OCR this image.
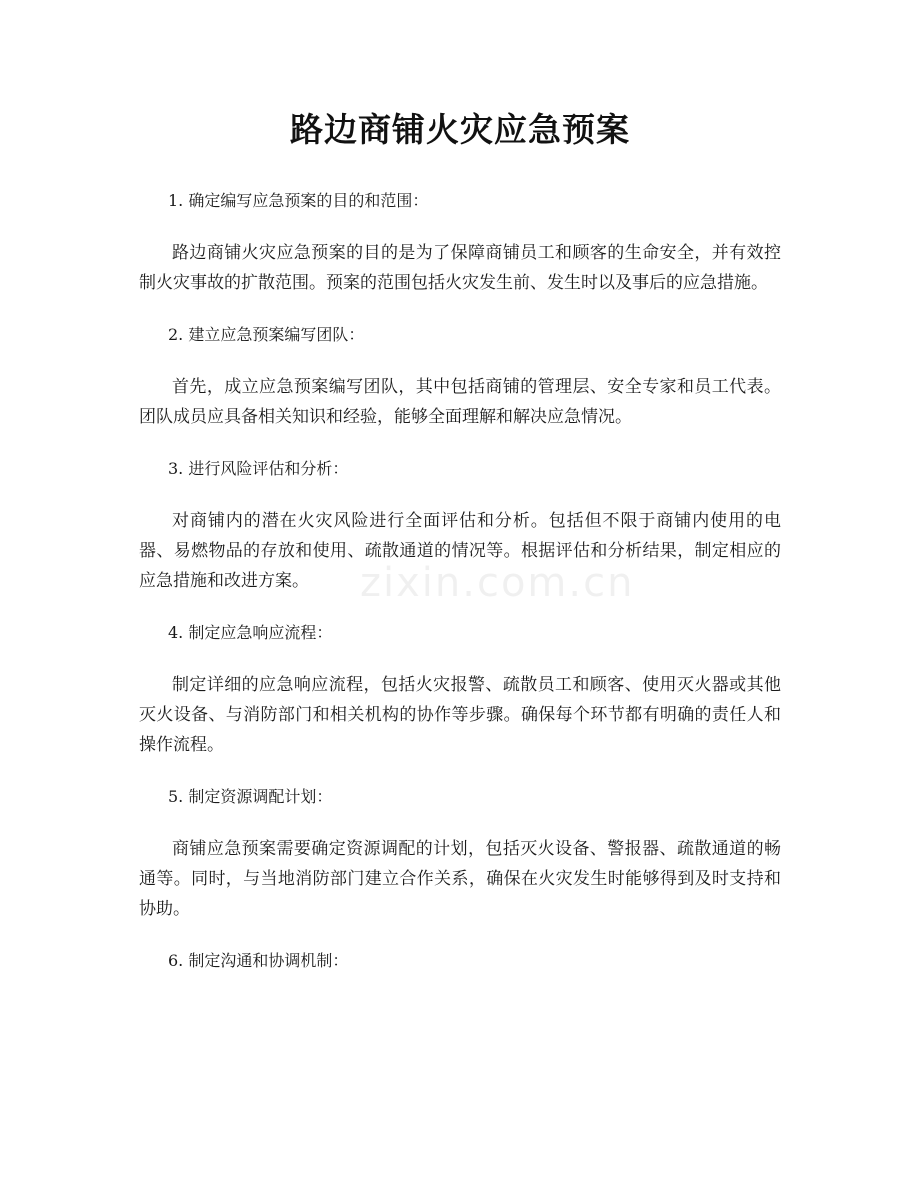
路边商铺火灾应急预案

1. 确定编写应急预案的目的和范围：

路边商铺火灾应急预案的目的是为了保障商铺员工和顾客的生命安全，并有效控制火灾事故的扩散范围。预案的范围包括火灾发生前、发生时以及事后的应急措施。

2. 建立应急预案编写团队：

首先，成立应急预案编写团队，其中包括商铺的管理层、安全专家和员工代表。团队成员应具备相关知识和经验，能够全面理解和解决应急情况。

3. 进行风险评估和分析：

对商铺内的潜在火灾风险进行全面评估和分析。包括但不限于商铺内使用的电器、易燃物品的存放和使用、疏散通道的情况等。根据评估和分析结果，制定相应的应急措施和改进方案。

4. 制定应急响应流程：

制定详细的应急响应流程，包括火灾报警、疏散员工和顾客、使用灭火器或其他灭火设备、与消防部门和相关机构的协作等步骤。确保每个环节都有明确的责任人和操作流程。

5. 制定资源调配计划：

商铺应急预案需要确定资源调配的计划，包括灭火设备、警报器、疏散通道的畅通等。同时，与当地消防部门建立合作关系，确保在火灾发生时能够得到及时支持和协助。

6. 制定沟通和协调机制：

zixin.com.cn
